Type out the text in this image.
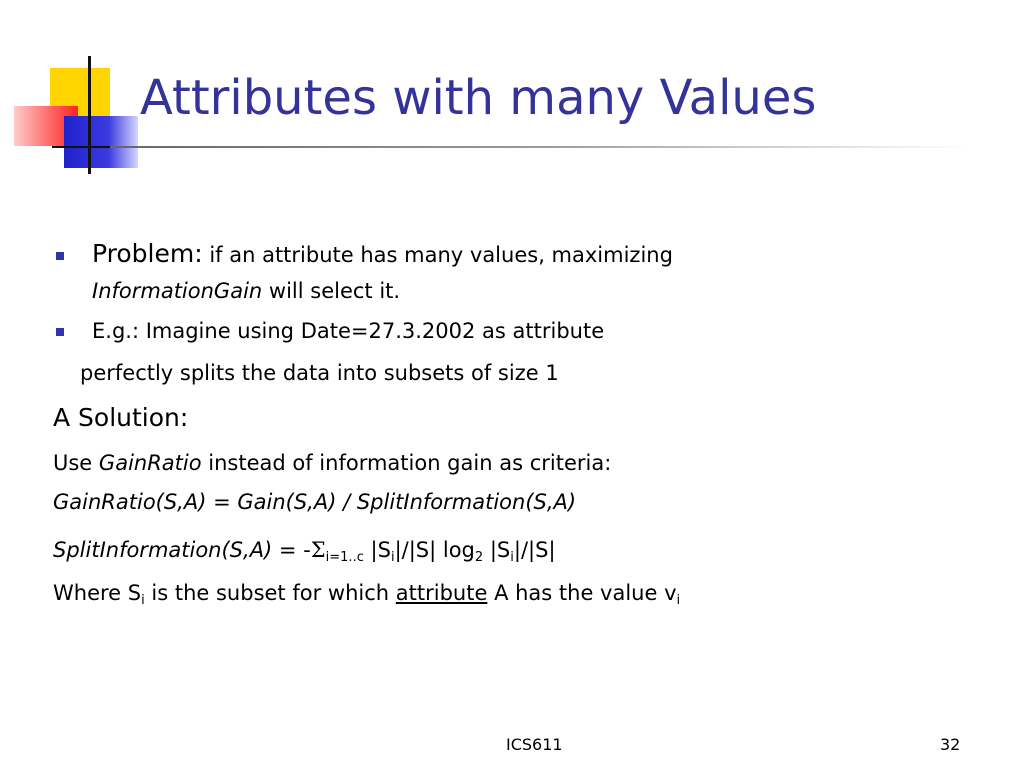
Attributes with many Values
Problem: if an attribute has many values, maximizing
InformationGain will select it.
E.g.: Imagine using Date=27.3.2002 as attribute
perfectly splits the data into subsets of size 1
A Solution:
Use GainRatio instead of information gain as criteria:
GainRatio(S,A) = Gain(S,A) / SplitInformation(S,A)
SplitInformation(S,A) = $-\Sigma_{i=1..c}$ $|S_i|/|S|$ $\log_2 |S_i|/|S|$
Where $S_i$ is the subset for which attribute A has the value $v_i$
ICS611	32
